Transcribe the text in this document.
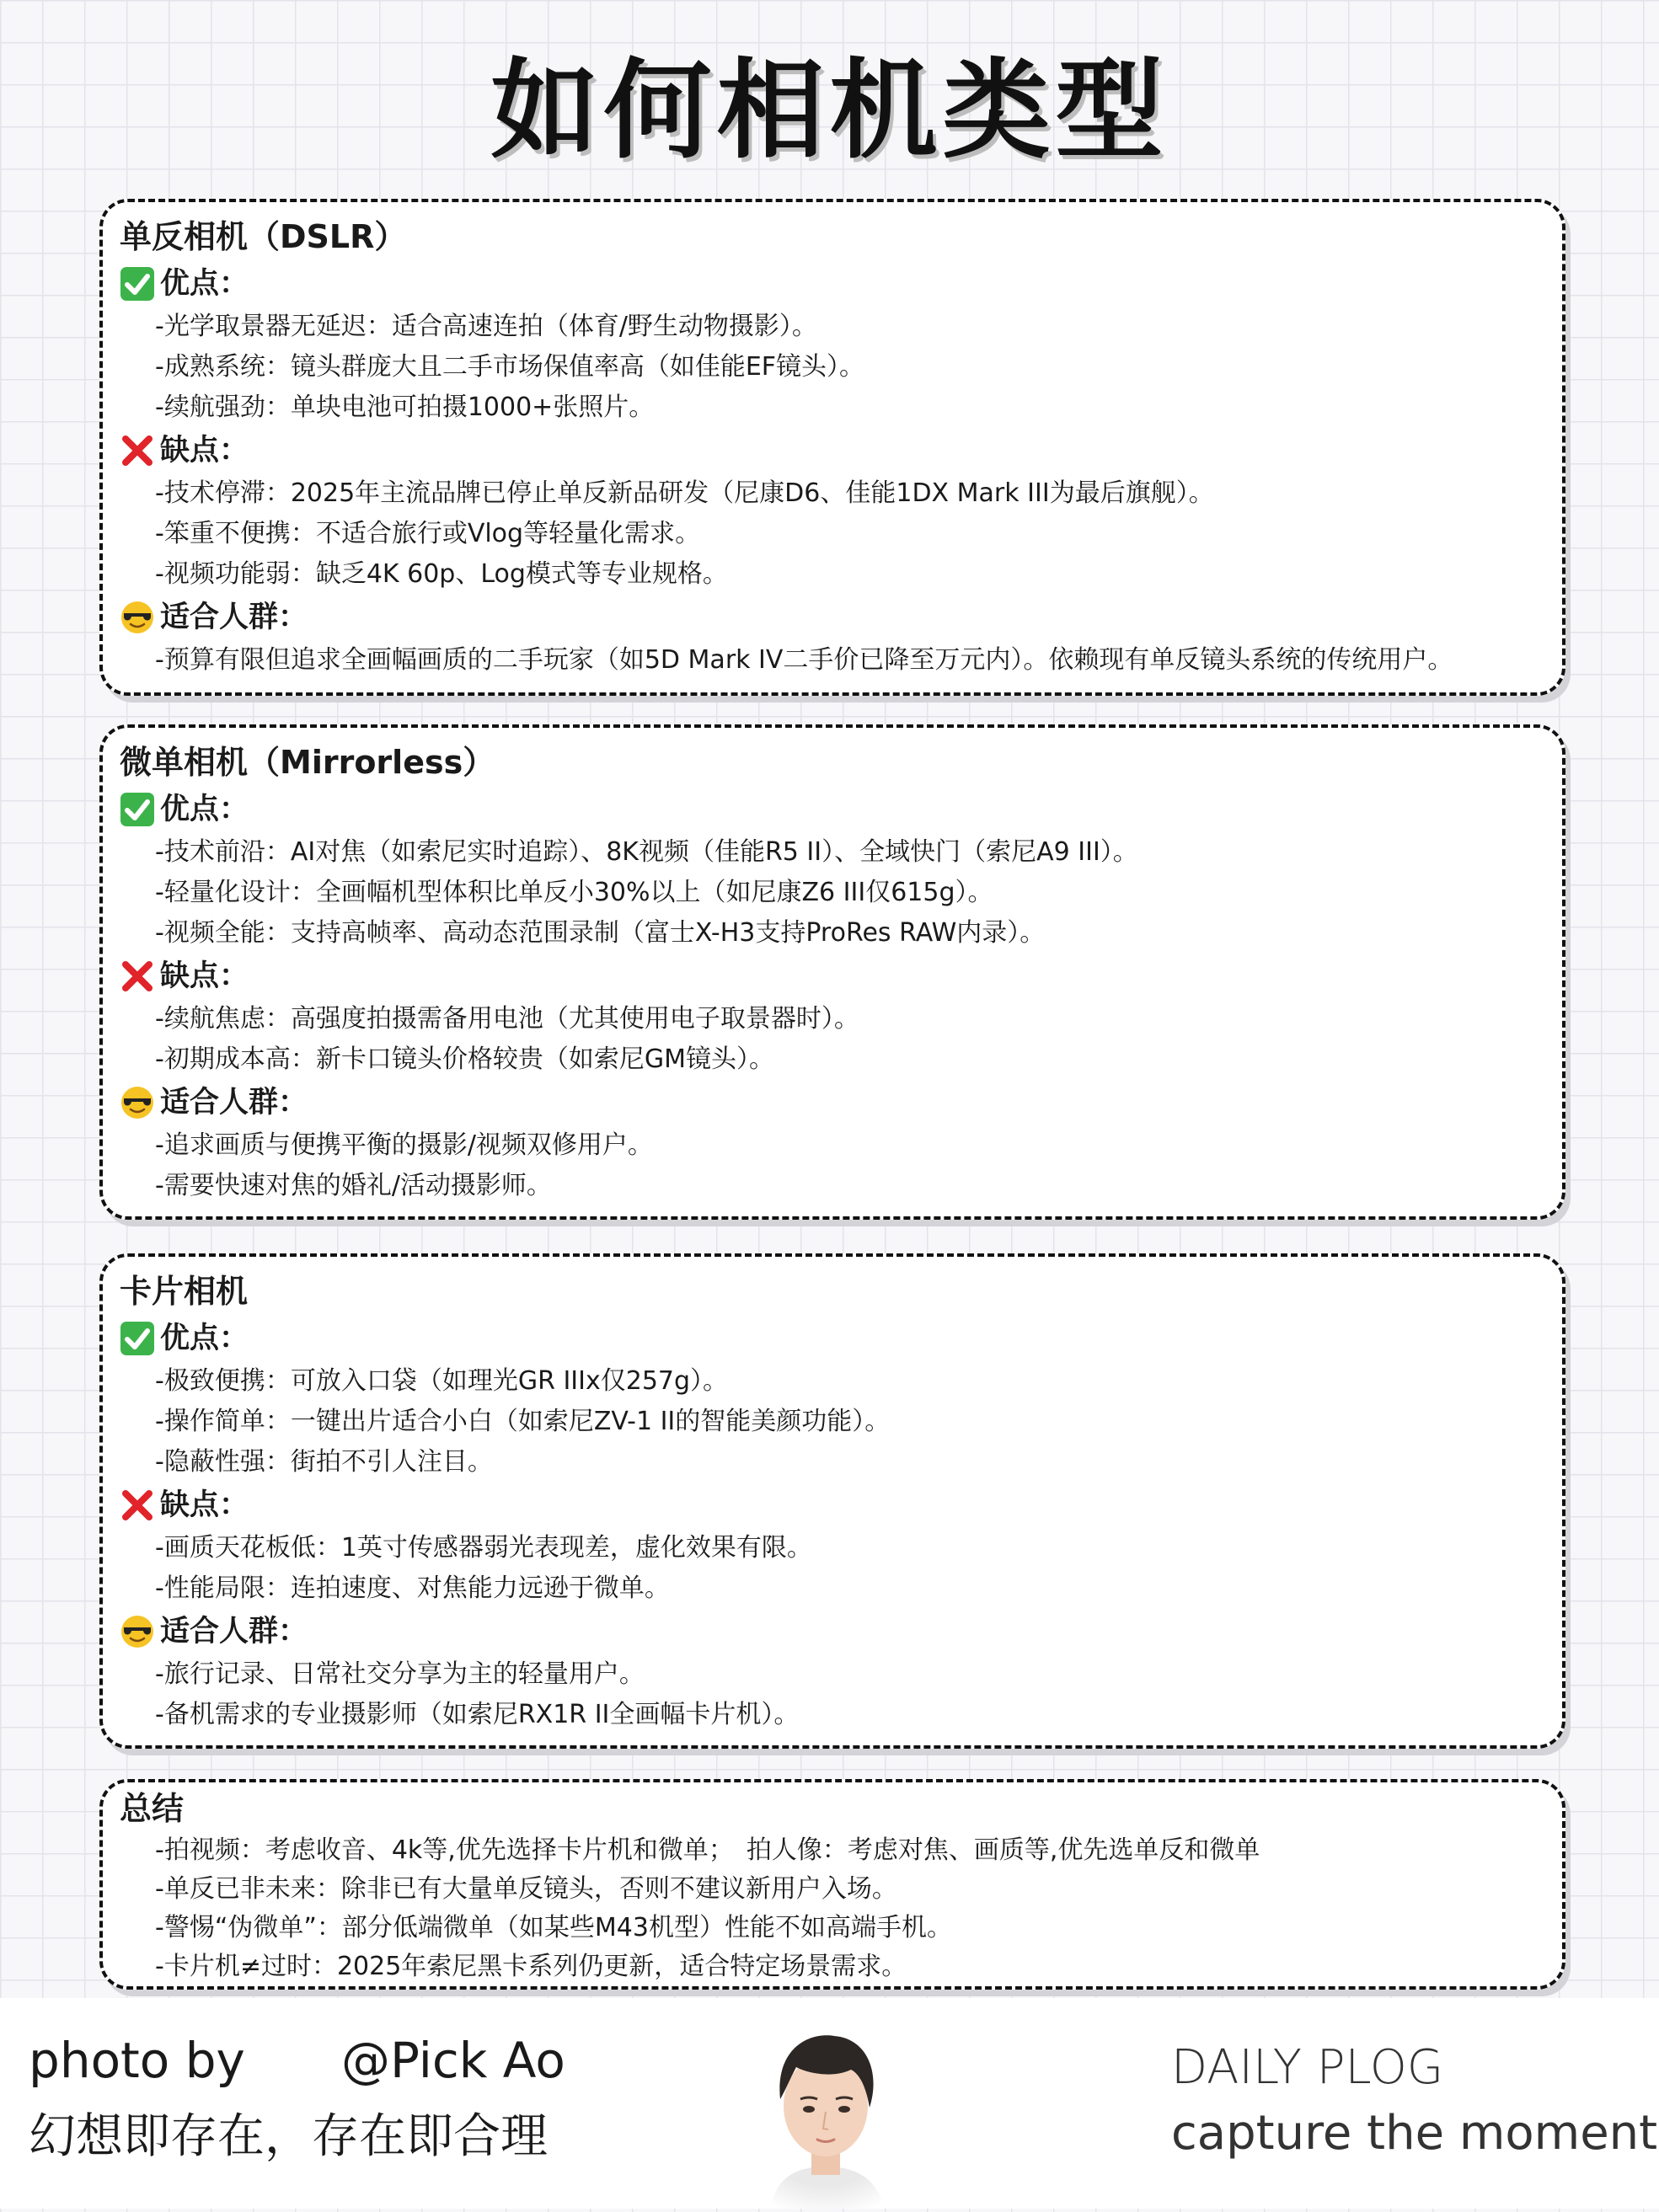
如何相机类型
单反相机（DSLR）
优点：
-光学取景器无延迟：适合高速连拍（体育/野生动物摄影）。
-成熟系统：镜头群庞大且二手市场保值率高（如佳能EF镜头）。
-续航强劲：单块电池可拍摄1000+张照片。
缺点：
-技术停滞：2025年主流品牌已停止单反新品研发（尼康D6、佳能1DX Mark III为最后旗舰）。
-笨重不便携：不适合旅行或Vlog等轻量化需求。
-视频功能弱：缺乏4K 60p、Log模式等专业规格。
适合人群：
-预算有限但追求全画幅画质的二手玩家（如5D Mark IV二手价已降至万元内）。依赖现有单反镜头系统的传统用户。
微单相机（Mirrorless）
优点：
-技术前沿：AI对焦（如索尼实时追踪）、8K视频（佳能R5 II）、全域快门（索尼A9 III）。
-轻量化设计：全画幅机型体积比单反小30%以上（如尼康Z6 III仅615g）。
-视频全能：支持高帧率、高动态范围录制（富士X-H3支持ProRes RAW内录）。
缺点：
-续航焦虑：高强度拍摄需备用电池（尤其使用电子取景器时）。
-初期成本高：新卡口镜头价格较贵（如索尼GM镜头）。
适合人群：
-追求画质与便携平衡的摄影/视频双修用户。
-需要快速对焦的婚礼/活动摄影师。
卡片相机
优点：
-极致便携：可放入口袋（如理光GR IIIx仅257g）。
-操作简单：一键出片适合小白（如索尼ZV-1 II的智能美颜功能）。
-隐蔽性强：街拍不引人注目。
缺点：
-画质天花板低：1英寸传感器弱光表现差，虚化效果有限。
-性能局限：连拍速度、对焦能力远逊于微单。
适合人群：
-旅行记录、日常社交分享为主的轻量用户。
-备机需求的专业摄影师（如索尼RX1R II全画幅卡片机）。
总结
-拍视频：考虑收音、4k等,优先选择卡片机和微单；　拍人像：考虑对焦、画质等,优先选单反和微单
-单反已非未来：除非已有大量单反镜头，否则不建议新用户入场。
-警惕“伪微单”：部分低端微单（如某些M43机型）性能不如高端手机。
-卡片机≠过时：2025年索尼黑卡系列仍更新，适合特定场景需求。
photo by @Pick Ao
幻想即存在，存在即合理
DAILY PLOG
capture the moment
